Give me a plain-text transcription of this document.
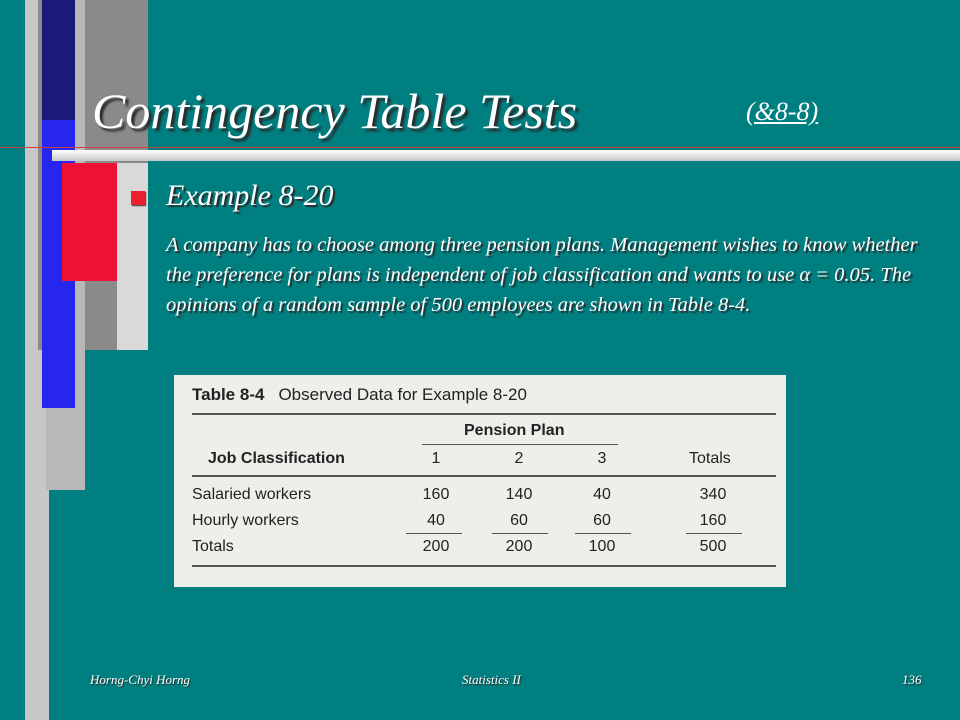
Contingency Table Tests	(&8-8)
Example 8-20
A company has to choose among three pension plans. Management wishes to know whether the preference for plans is independent of job classification and wants to use α = 0.05. The opinions of a random sample of 500 employees are shown in Table 8-4.
Table 8-4 Observed Data for Example 8-20
Pension Plan
Job Classification	1	2	3	Totals
Salaried workers	160	140	40	340
Hourly workers	40	60	60	160
Totals	200	200	100	500
Horng-Chyi Horng	Statistics II	136
